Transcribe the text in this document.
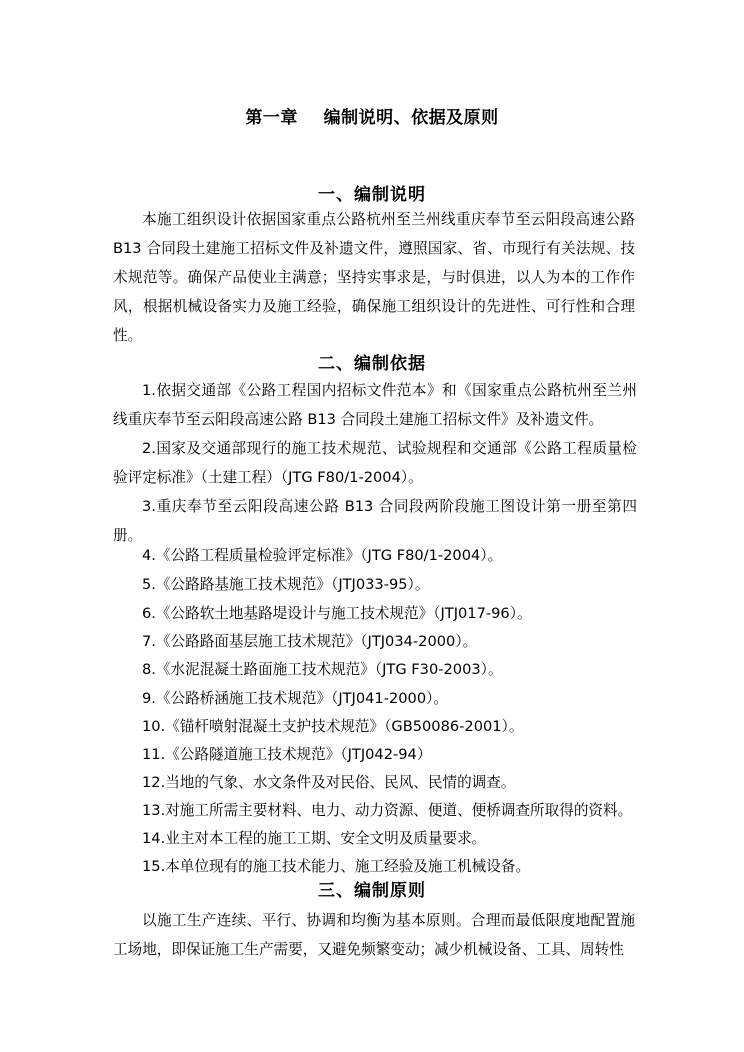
第一章    编制说明、依据及原则
一、编制说明

本施工组织设计依据国家重点公路杭州至兰州线重庆奉节至云阳段高速公路 B13 合同段土建施工招标文件及补遗文件，遵照国家、省、市现行有关法规、技术规范等。确保产品使业主满意；坚持实事求是，与时俱进，以人为本的工作作风，根据机械设备实力及施工经验，确保施工组织设计的先进性、可行性和合理性。

二、编制依据

1.依据交通部《公路工程国内招标文件范本》和《国家重点公路杭州至兰州线重庆奉节至云阳段高速公路 B13 合同段土建施工招标文件》及补遗文件。

2.国家及交通部现行的施工技术规范、试验规程和交通部《公路工程质量检验评定标准》（土建工程）（JTG F80/1-2004）。

3.重庆奉节至云阳段高速公路 B13 合同段两阶段施工图设计第一册至第四册。

4.《公路工程质量检验评定标准》（JTG F80/1-2004）。

5.《公路路基施工技术规范》（JTJ033-95）。

6.《公路软土地基路堤设计与施工技术规范》（JTJ017-96）。

7.《公路路面基层施工技术规范》（JTJ034-2000）。

8.《水泥混凝土路面施工技术规范》（JTG F30-2003）。

9.《公路桥涵施工技术规范》（JTJ041-2000）。

10.《锚杆喷射混凝土支护技术规范》（GB50086-2001）。

11.《公路隧道施工技术规范》（JTJ042-94）

12.当地的气象、水文条件及对民俗、民风、民情的调查。

13.对施工所需主要材料、电力、动力资源、便道、便桥调查所取得的资料。

14.业主对本工程的施工工期、安全文明及质量要求。

15.本单位现有的施工技术能力、施工经验及施工机械设备。

三、编制原则

以施工生产连续、平行、协调和均衡为基本原则。合理而最低限度地配置施工场地，即保证施工生产需要，又避免频繁变动；减少机械设备、工具、周转性
